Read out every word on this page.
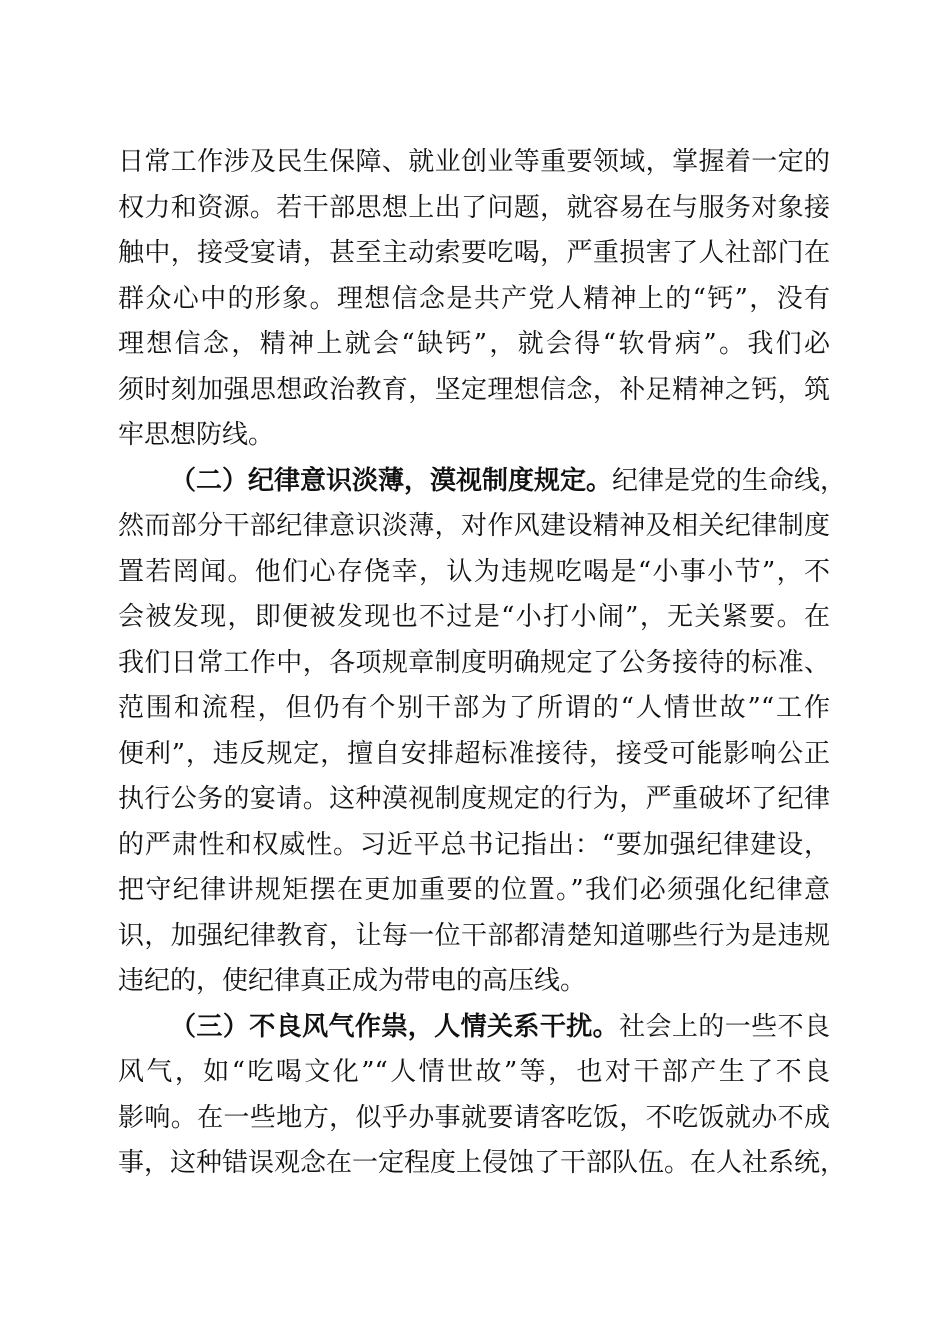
日常工作涉及民生保障、就业创业等重要领域，掌握着一定的
权力和资源。若干部思想上出了问题，就容易在与服务对象接
触中，接受宴请，甚至主动索要吃喝，严重损害了人社部门在
群众心中的形象。理想信念是共产党人精神上的“钙”，没有
理想信念，精神上就会“缺钙”，就会得“软骨病”。我们必
须时刻加强思想政治教育，坚定理想信念，补足精神之钙，筑
牢思想防线。
（二）纪律意识淡薄，漠视制度规定。纪律是党的生命线，
然而部分干部纪律意识淡薄，对作风建设精神及相关纪律制度
置若罔闻。他们心存侥幸，认为违规吃喝是“小事小节”，不
会被发现，即便被发现也不过是“小打小闹”，无关紧要。在
我们日常工作中，各项规章制度明确规定了公务接待的标准、
范围和流程，但仍有个别干部为了所谓的“人情世故”“工作
便利”，违反规定，擅自安排超标准接待，接受可能影响公正
执行公务的宴请。这种漠视制度规定的行为，严重破坏了纪律
的严肃性和权威性。习近平总书记指出：“要加强纪律建设，
把守纪律讲规矩摆在更加重要的位置。”我们必须强化纪律意
识，加强纪律教育，让每一位干部都清楚知道哪些行为是违规
违纪的，使纪律真正成为带电的高压线。
（三）不良风气作祟，人情关系干扰。社会上的一些不良
风气，如“吃喝文化”“人情世故”等，也对干部产生了不良
影响。在一些地方，似乎办事就要请客吃饭，不吃饭就办不成
事，这种错误观念在一定程度上侵蚀了干部队伍。在人社系统，
